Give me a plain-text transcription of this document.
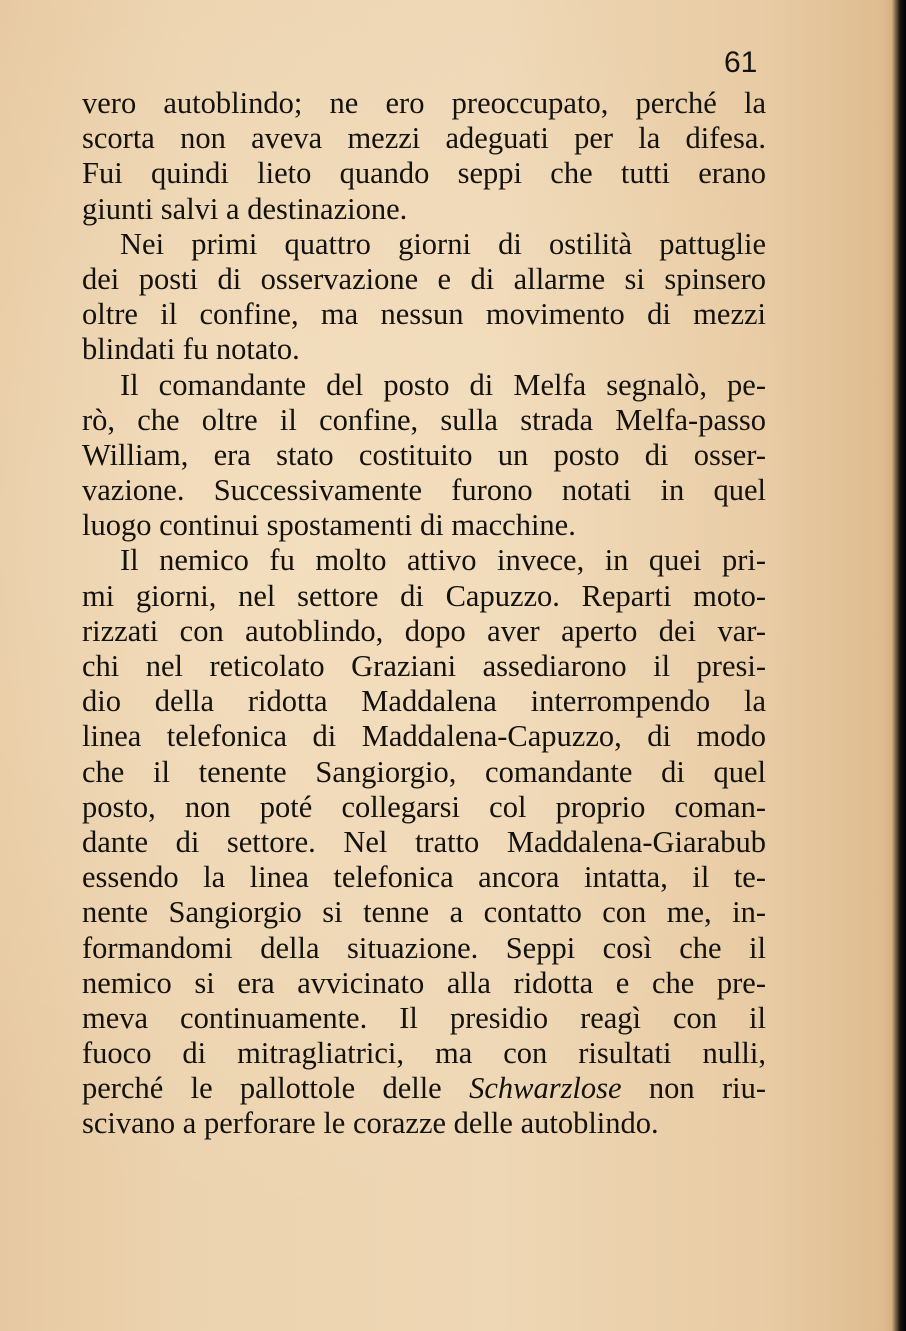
61
vero autoblindo; ne ero preoccupato, perché la
scorta non aveva mezzi adeguati per la difesa.
Fui quindi lieto quando seppi che tutti erano
giunti salvi a destinazione.
Nei primi quattro giorni di ostilità pattuglie
dei posti di osservazione e di allarme si spinsero
oltre il confine, ma nessun movimento di mezzi
blindati fu notato.
Il comandante del posto di Melfa segnalò, pe-
rò, che oltre il confine, sulla strada Melfa-passo
William, era stato costituito un posto di osser-
vazione. Successivamente furono notati in quel
luogo continui spostamenti di macchine.
Il nemico fu molto attivo invece, in quei pri-
mi giorni, nel settore di Capuzzo. Reparti moto-
rizzati con autoblindo, dopo aver aperto dei var-
chi nel reticolato Graziani assediarono il presi-
dio della ridotta Maddalena interrompendo la
linea telefonica di Maddalena-Capuzzo, di modo
che il tenente Sangiorgio, comandante di quel
posto, non poté collegarsi col proprio coman-
dante di settore. Nel tratto Maddalena-Giarabub
essendo la linea telefonica ancora intatta, il te-
nente Sangiorgio si tenne a contatto con me, in-
formandomi della situazione. Seppi così che il
nemico si era avvicinato alla ridotta e che pre-
meva continuamente. Il presidio reagì con il
fuoco di mitragliatrici, ma con risultati nulli,
perché le pallottole delle Schwarzlose non riu-
scivano a perforare le corazze delle autoblindo.
